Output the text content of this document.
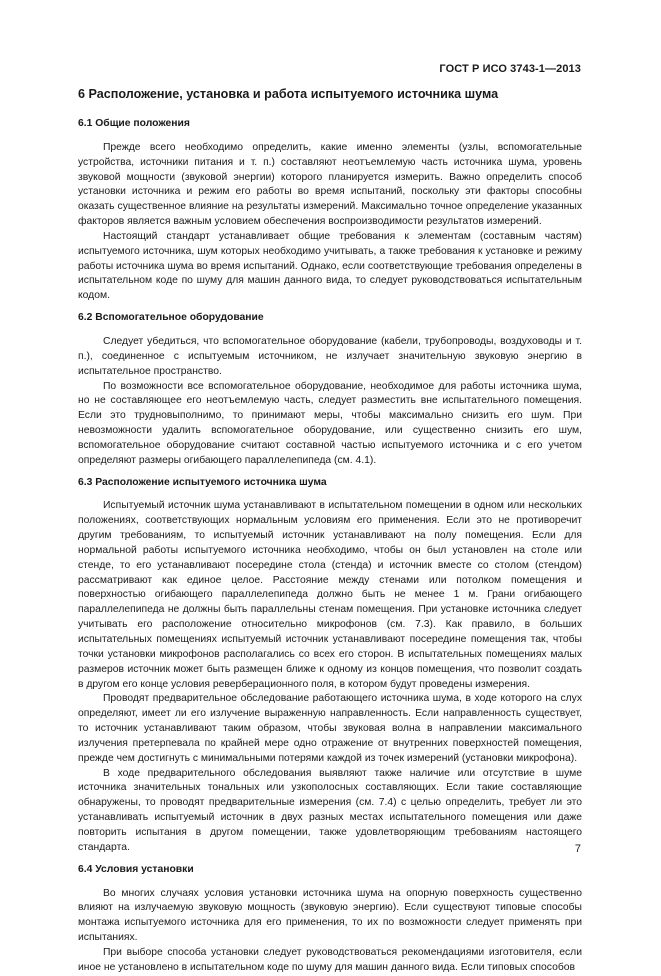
ГОСТ Р ИСО 3743-1—2013
6 Расположение, установка и работа испытуемого источника шума
6.1 Общие положения

Прежде всего необходимо определить, какие именно элементы (узлы, вспомогательные устройства, источники питания и т. п.) составляют неотъемлемую часть источника шума, уровень звуковой мощности (звуковой энергии) которого планируется измерить. Важно определить способ установки источника и режим его работы во время испытаний, поскольку эти факторы способны оказать существенное влияние на результаты измерений. Максимально точное определение указанных факторов является важным условием обеспечения воспроизводимости результатов измерений.

Настоящий стандарт устанавливает общие требования к элементам (составным частям) испытуемого источника, шум которых необходимо учитывать, а также требования к установке и режиму работы источника шума во время испытаний. Однако, если соответствующие требования определены в испытательном коде по шуму для машин данного вида, то следует руководствоваться испытательным кодом.

6.2 Вспомогательное оборудование

Следует убедиться, что вспомогательное оборудование (кабели, трубопроводы, воздуховоды и т. п.), соединенное с испытуемым источником, не излучает значительную звуковую энергию в испытательное пространство.

По возможности все вспомогательное оборудование, необходимое для работы источника шума, но не составляющее его неотъемлемую часть, следует разместить вне испытательного помещения. Если это трудновыполнимо, то принимают меры, чтобы максимально снизить его шум. При невозможности удалить вспомогательное оборудование, или существенно снизить его шум, вспомогательное оборудование считают составной частью испытуемого источника и с его учетом определяют размеры огибающего параллелепипеда (см. 4.1).

6.3 Расположение испытуемого источника шума

Испытуемый источник шума устанавливают в испытательном помещении в одном или нескольких положениях, соответствующих нормальным условиям его применения. Если это не противоречит другим требованиям, то испытуемый источник устанавливают на полу помещения. Если для нормальной работы испытуемого источника необходимо, чтобы он был установлен на столе или стенде, то его устанавливают посередине стола (стенда) и источник вместе со столом (стендом) рассматривают как единое целое. Расстояние между стенами или потолком помещения и поверхностью огибающего параллелепипеда должно быть не менее 1 м. Грани огибающего параллелепипеда не должны быть параллельны стенам помещения. При установке источника следует учитывать его расположение относительно микрофонов (см. 7.3). Как правило, в больших испытательных помещениях испытуемый источник устанавливают посередине помещения так, чтобы точки установки микрофонов располагались со всех его сторон. В испытательных помещениях малых размеров источник может быть размещен ближе к одному из концов помещения, что позволит создать в другом его конце условия реверберационного поля, в котором будут проведены измерения.

Проводят предварительное обследование работающего источника шума, в ходе которого на слух определяют, имеет ли его излучение выраженную направленность. Если направленность существует, то источник устанавливают таким образом, чтобы звуковая волна в направлении максимального излучения претерпевала по крайней мере одно отражение от внутренних поверхностей помещения, прежде чем достигнуть с минимальными потерями каждой из точек измерений (установки микрофона).

В ходе предварительного обследования выявляют также наличие или отсутствие в шуме источника значительных тональных или узкополосных составляющих. Если такие составляющие обнаружены, то проводят предварительные измерения (см. 7.4) с целью определить, требует ли это устанавливать испытуемый источник в двух разных местах испытательного помещения или даже повторить испытания в другом помещении, также удовлетворяющим требованиям настоящего стандарта.

6.4 Условия установки

Во многих случаях условия установки источника шума на опорную поверхность существенно влияют на излучаемую звуковую мощность (звуковую энергию). Если существуют типовые способы монтажа испытуемого источника для его применения, то их по возможности следует применять при испытаниях.

При выборе способа установки следует руководствоваться рекомендациями изготовителя, если иное не установлено в испытательном коде по шуму для машин данного вида. Если типовых способов

7
